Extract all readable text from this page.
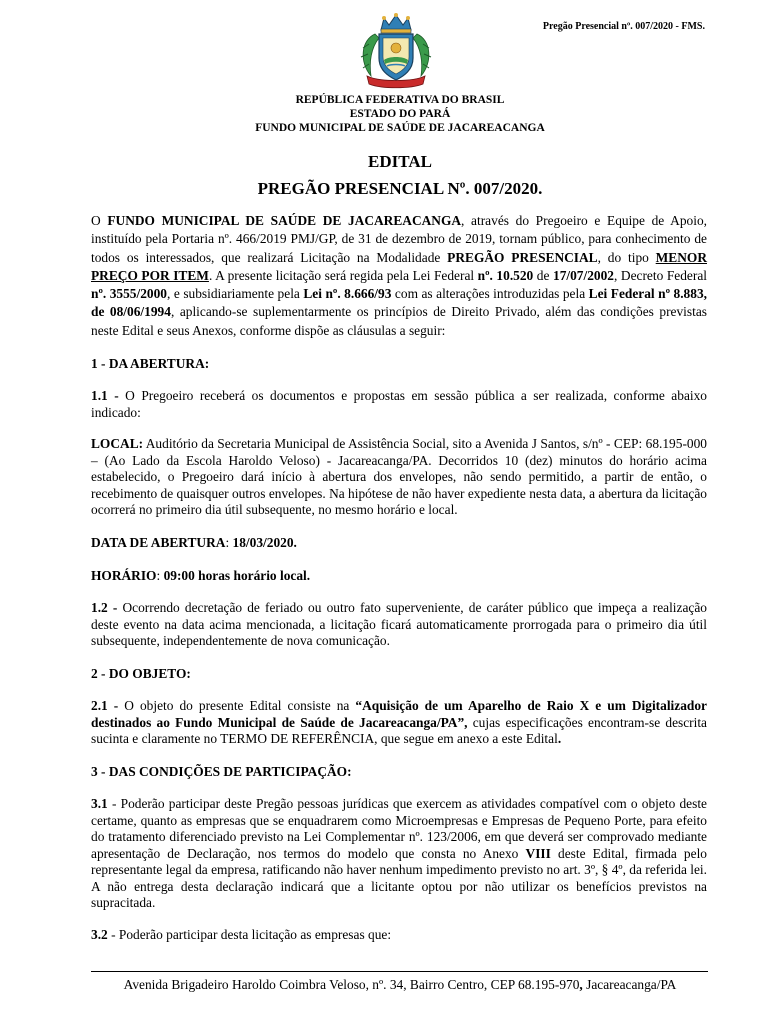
Pregão Presencial nº. 007/2020 - FMS.
REPÚBLICA FEDERATIVA DO BRASIL
ESTADO DO PARÁ
FUNDO MUNICIPAL DE SAÚDE DE JACAREACANGA
EDITAL
PREGÃO PRESENCIAL Nº. 007/2020.

O FUNDO MUNICIPAL DE SAÚDE DE JACAREACANGA, através do Pregoeiro e Equipe de Apoio, instituído pela Portaria nº. 466/2019 PMJ/GP, de 31 de dezembro de 2019, tornam público, para conhecimento de todos os interessados, que realizará Licitação na Modalidade PREGÃO PRESENCIAL, do tipo MENOR PREÇO POR ITEM. A presente licitação será regida pela Lei Federal nº. 10.520 de 17/07/2002, Decreto Federal nº. 3555/2000, e subsidiariamente pela Lei nº. 8.666/93 com as alterações introduzidas pela Lei Federal nº 8.883, de 08/06/1994, aplicando-se suplementarmente os princípios de Direito Privado, além das condições previstas neste Edital e seus Anexos, conforme dispõe as cláusulas a seguir:

1 - DA ABERTURA:

1.1 - O Pregoeiro receberá os documentos e propostas em sessão pública a ser realizada, conforme abaixo indicado:

LOCAL: Auditório da Secretaria Municipal de Assistência Social, sito a Avenida J Santos, s/nº - CEP: 68.195-000 – (Ao Lado da Escola Haroldo Veloso) - Jacareacanga/PA. Decorridos 10 (dez) minutos do horário acima estabelecido, o Pregoeiro dará início à abertura dos envelopes, não sendo permitido, a partir de então, o recebimento de quaisquer outros envelopes. Na hipótese de não haver expediente nesta data, a abertura da licitação ocorrerá no primeiro dia útil subsequente, no mesmo horário e local.

DATA DE ABERTURA: 18/03/2020.

HORÁRIO: 09:00 horas horário local.

1.2 - Ocorrendo decretação de feriado ou outro fato superveniente, de caráter público que impeça a realização deste evento na data acima mencionada, a licitação ficará automaticamente prorrogada para o primeiro dia útil subsequente, independentemente de nova comunicação.

2 - DO OBJETO:

2.1 - O objeto do presente Edital consiste na “Aquisição de um Aparelho de Raio X e um Digitalizador destinados ao Fundo Municipal de Saúde de Jacareacanga/PA”, cujas especificações encontram-se descrita sucinta e claramente no TERMO DE REFERÊNCIA, que segue em anexo a este Edital.

3 - DAS CONDIÇÕES DE PARTICIPAÇÃO:

3.1 - Poderão participar deste Pregão pessoas jurídicas que exercem as atividades compatível com o objeto deste certame, quanto as empresas que se enquadrarem como Microempresas e Empresas de Pequeno Porte, para efeito do tratamento diferenciado previsto na Lei Complementar nº. 123/2006, em que deverá ser comprovado mediante apresentação de Declaração, nos termos do modelo que consta no Anexo VIII deste Edital, firmada pelo representante legal da empresa, ratificando não haver nenhum impedimento previsto no art. 3º, § 4º, da referida lei. A não entrega desta declaração indicará que a licitante optou por não utilizar os benefícios previstos na supracitada.

3.2 - Poderão participar desta licitação as empresas que:

Avenida Brigadeiro Haroldo Coimbra Veloso, nº. 34, Bairro Centro, CEP 68.195-970, Jacareacanga/PA
